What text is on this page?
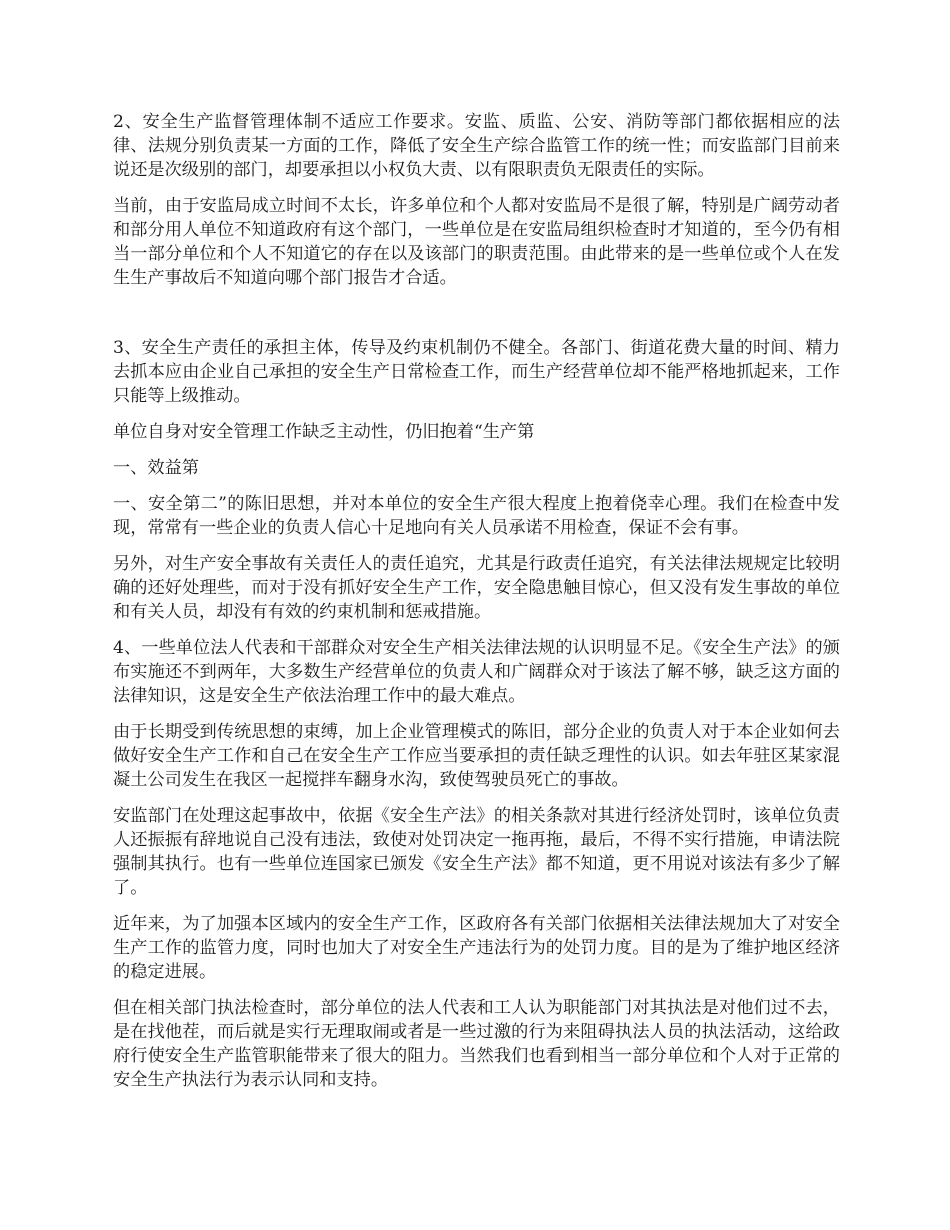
2、安全生产监督管理体制不适应工作要求。安监、质监、公安、消防等部门都依据相应的法律、法规分别负责某一方面的工作，降低了安全生产综合监管工作的统一性；而安监部门目前来说还是次级别的部门，却要承担以小权负大责、以有限职责负无限责任的实际。

当前，由于安监局成立时间不太长，许多单位和个人都对安监局不是很了解，特别是广阔劳动者和部分用人单位不知道政府有这个部门，一些单位是在安监局组织检查时才知道的，至今仍有相当一部分单位和个人不知道它的存在以及该部门的职责范围。由此带来的是一些单位或个人在发生生产事故后不知道向哪个部门报告才合适。

3、安全生产责任的承担主体，传导及约束机制仍不健全。各部门、街道花费大量的时间、精力去抓本应由企业自己承担的安全生产日常检查工作，而生产经营单位却不能严格地抓起来，工作只能等上级推动。

单位自身对安全管理工作缺乏主动性，仍旧抱着“生产第

一、效益第

一、安全第二”的陈旧思想，并对本单位的安全生产很大程度上抱着侥幸心理。我们在检查中发现，常常有一些企业的负责人信心十足地向有关人员承诺不用检查，保证不会有事。

另外，对生产安全事故有关责任人的责任追究，尤其是行政责任追究，有关法律法规规定比较明确的还好处理些，而对于没有抓好安全生产工作，安全隐患触目惊心，但又没有发生事故的单位和有关人员，却没有有效的约束机制和惩戒措施。

4、一些单位法人代表和干部群众对安全生产相关法律法规的认识明显不足。《安全生产法》的颁布实施还不到两年，大多数生产经营单位的负责人和广阔群众对于该法了解不够，缺乏这方面的法律知识，这是安全生产依法治理工作中的最大难点。

由于长期受到传统思想的束缚，加上企业管理模式的陈旧，部分企业的负责人对于本企业如何去做好安全生产工作和自己在安全生产工作应当要承担的责任缺乏理性的认识。如去年驻区某家混凝土公司发生在我区一起搅拌车翻身水沟，致使驾驶员死亡的事故。

安监部门在处理这起事故中，依据《安全生产法》的相关条款对其进行经济处罚时，该单位负责人还振振有辞地说自己没有违法，致使对处罚决定一拖再拖，最后，不得不实行措施，申请法院强制其执行。也有一些单位连国家已颁发《安全生产法》都不知道，更不用说对该法有多少了解了。

近年来，为了加强本区域内的安全生产工作，区政府各有关部门依据相关法律法规加大了对安全生产工作的监管力度，同时也加大了对安全生产违法行为的处罚力度。目的是为了维护地区经济的稳定进展。

但在相关部门执法检查时，部分单位的法人代表和工人认为职能部门对其执法是对他们过不去，是在找他茬，而后就是实行无理取闹或者是一些过激的行为来阻碍执法人员的执法活动，这给政府行使安全生产监管职能带来了很大的阻力。当然我们也看到相当一部分单位和个人对于正常的安全生产执法行为表示认同和支持。
